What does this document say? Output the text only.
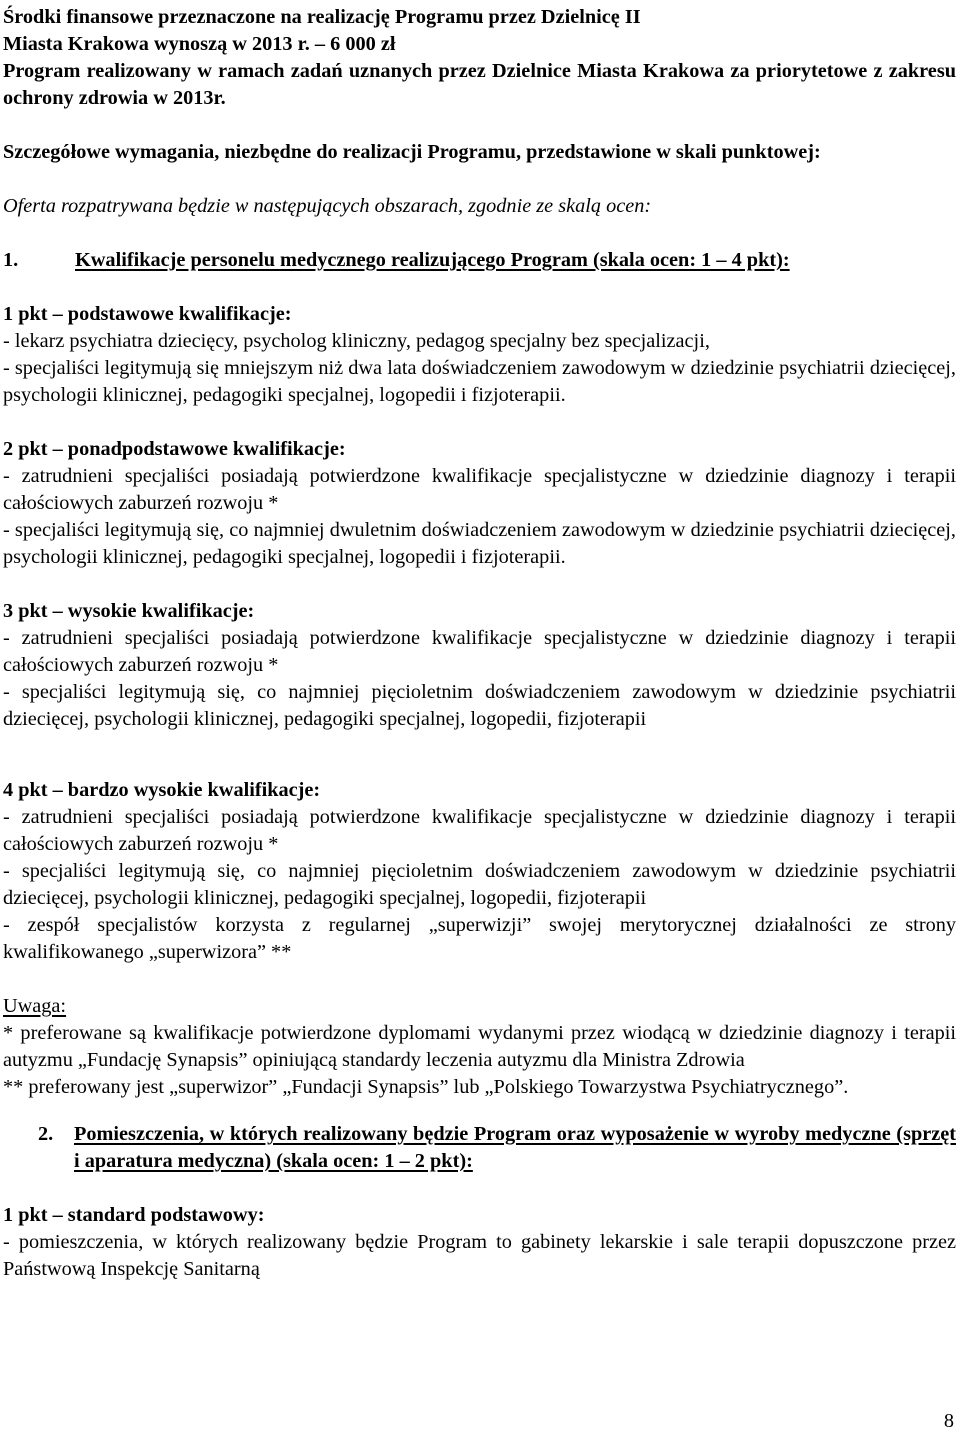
Środki finansowe przeznaczone na realizację Programu przez Dzielnicę II

Miasta Krakowa wynoszą w 2013 r. – 6 000 zł

Program realizowany w ramach zadań uznanych przez Dzielnice Miasta Krakowa za priorytetowe z zakresu ochrony zdrowia w 2013r.

Szczegółowe wymagania, niezbędne do realizacji Programu, przedstawione w skali punktowej:

Oferta rozpatrywana będzie w następujących obszarach, zgodnie ze skalą ocen:

1.	Kwalifikacje personelu medycznego realizującego Program (skala ocen: 1 – 4 pkt):

1 pkt – podstawowe kwalifikacje:

- lekarz psychiatra dziecięcy, psycholog kliniczny, pedagog specjalny bez specjalizacji,

- specjaliści legitymują się mniejszym niż dwa lata doświadczeniem zawodowym w dziedzinie psychiatrii dziecięcej, psychologii klinicznej, pedagogiki specjalnej, logopedii i fizjoterapii.

2 pkt – ponadpodstawowe kwalifikacje:

- zatrudnieni specjaliści posiadają potwierdzone kwalifikacje specjalistyczne w dziedzinie diagnozy i terapii całościowych zaburzeń rozwoju *

- specjaliści legitymują się, co najmniej dwuletnim doświadczeniem zawodowym w dziedzinie psychiatrii dziecięcej, psychologii klinicznej, pedagogiki specjalnej, logopedii i fizjoterapii.

3 pkt – wysokie kwalifikacje:

- zatrudnieni specjaliści posiadają potwierdzone kwalifikacje specjalistyczne w dziedzinie diagnozy i terapii całościowych zaburzeń rozwoju *

- specjaliści legitymują się, co najmniej pięcioletnim doświadczeniem zawodowym w dziedzinie psychiatrii dziecięcej, psychologii klinicznej, pedagogiki specjalnej, logopedii, fizjoterapii

4 pkt – bardzo wysokie kwalifikacje:

- zatrudnieni specjaliści posiadają potwierdzone kwalifikacje specjalistyczne w dziedzinie diagnozy i terapii całościowych zaburzeń rozwoju *

- specjaliści legitymują się, co najmniej pięcioletnim doświadczeniem zawodowym w dziedzinie psychiatrii dziecięcej, psychologii klinicznej, pedagogiki specjalnej, logopedii, fizjoterapii

- zespół specjalistów korzysta z regularnej „superwizji” swojej merytorycznej działalności ze strony kwalifikowanego „superwizora” **

Uwaga:

* preferowane są kwalifikacje potwierdzone dyplomami wydanymi przez wiodącą w dziedzinie diagnozy i terapii autyzmu „Fundację Synapsis” opiniującą standardy leczenia autyzmu dla Ministra Zdrowia

** preferowany jest „superwizor” „Fundacji Synapsis” lub „Polskiego Towarzystwa Psychiatrycznego”.

2.	Pomieszczenia, w których realizowany będzie Program oraz wyposażenie w wyroby medyczne (sprzęt i aparatura medyczna) (skala ocen: 1 – 2 pkt):

1 pkt – standard podstawowy:

- pomieszczenia, w których realizowany będzie Program to gabinety lekarskie i sale terapii dopuszczone przez Państwową Inspekcję Sanitarną

8
